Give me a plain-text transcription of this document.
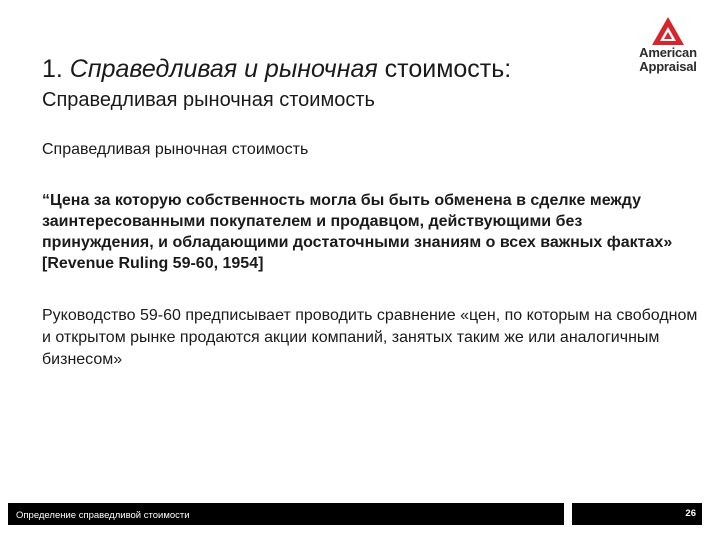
1. Справедливая и рыночная стоимость:
Справедливая рыночная стоимость
American
Appraisal
Справедливая рыночная стоимость
“Цена за которую собственность могла бы быть обменена в сделке между заинтересованными покупателем и продавцом, действующими без принуждения, и обладающими достаточными знаниям о всех важных фактах» [Revenue Ruling 59-60, 1954]
Руководство 59-60 предписывает проводить сравнение «цен, по которым на свободном и открытом рынке продаются акции компаний, занятых таким же или аналогичным бизнесом»
Определение справедливой стоимости	26
